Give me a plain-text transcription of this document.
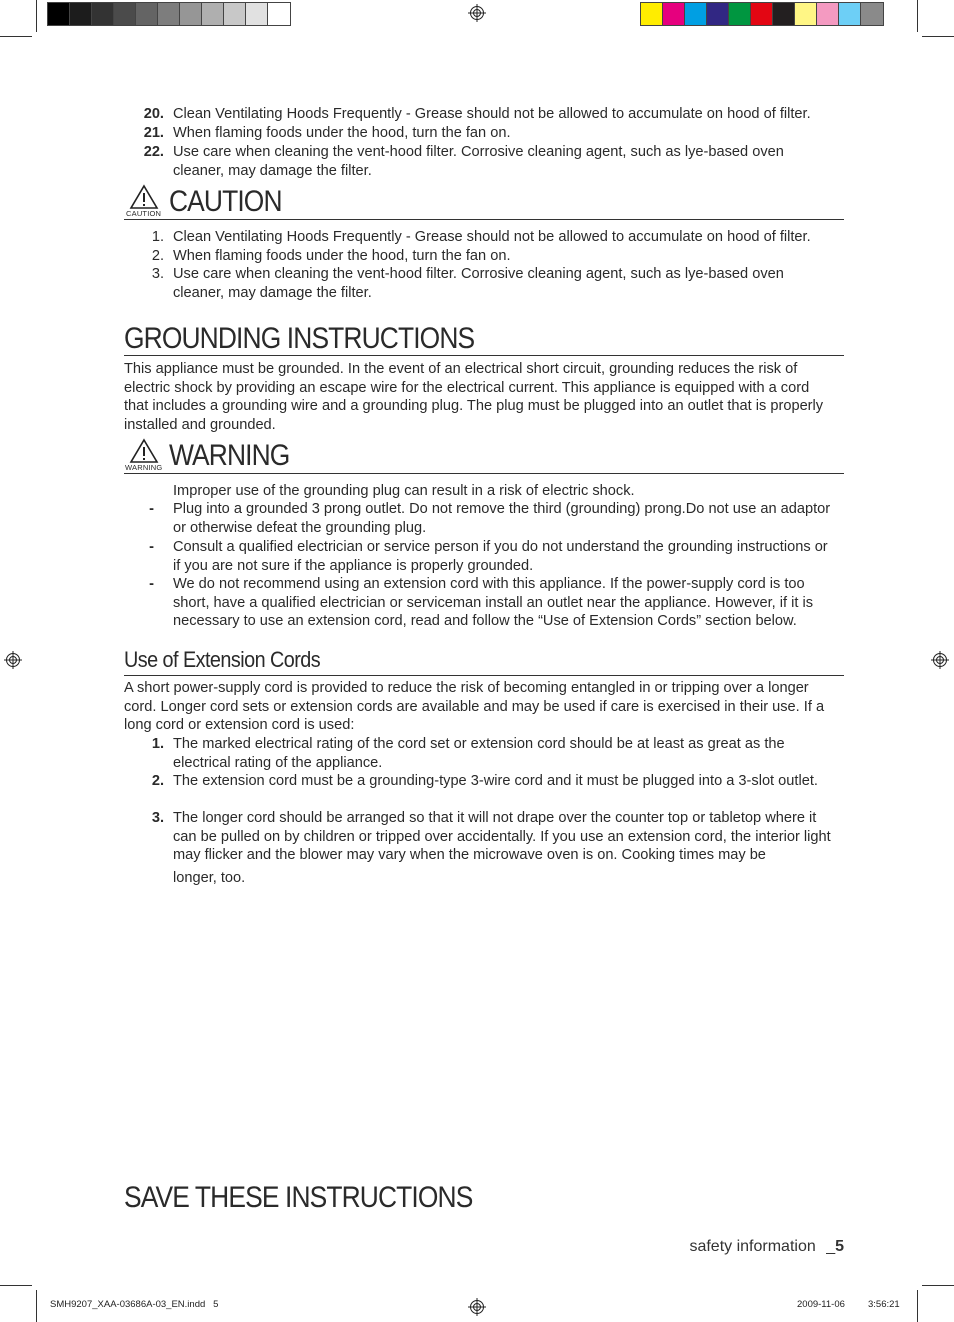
20. Clean Ventilating Hoods Frequently - Grease should not be allowed to accumulate on hood of filter.
21. When flaming foods under the hood, turn the fan on.
22. Use care when cleaning the vent-hood filter. Corrosive cleaning agent, such as lye-based oven cleaner, may damage the filter.
CAUTION CAUTION
1. Clean Ventilating Hoods Frequently - Grease should not be allowed to accumulate on hood of filter.
2. When flaming foods under the hood, turn the fan on.
3. Use care when cleaning the vent-hood filter. Corrosive cleaning agent, such as lye-based oven cleaner, may damage the filter.
GROUNDING INSTRUCTIONS
This appliance must be grounded. In the event of an electrical short circuit, grounding reduces the risk of electric shock by providing an escape wire for the electrical current. This appliance is equipped with a cord that includes a grounding wire and a grounding plug. The plug must be plugged into an outlet that is properly installed and grounded.
WARNING WARNING
Improper use of the grounding plug can result in a risk of electric shock.
- Plug into a grounded 3 prong outlet. Do not remove the third (grounding) prong.Do not use an adaptor or otherwise defeat the grounding plug.
- Consult a qualified electrician or service person if you do not understand the grounding instructions or if you are not sure if the appliance is properly grounded.
- We do not recommend using an extension cord with this appliance. If the power-supply cord is too short, have a qualified electrician or serviceman install an outlet near the appliance. However, if it is necessary to use an extension cord, read and follow the “Use of Extension Cords” section below.
Use of Extension Cords
A short power-supply cord is provided to reduce the risk of becoming entangled in or tripping over a longer cord. Longer cord sets or extension cords are available and may be used if care is exercised in their use. If a long cord or extension cord is used:
1. The marked electrical rating of the cord set or extension cord should be at least as great as the electrical rating of the appliance.
2. The extension cord must be a grounding-type 3-wire cord and it must be plugged into a 3-slot outlet.
3. The longer cord should be arranged so that it will not drape over the counter top or tabletop where it can be pulled on by children or tripped over accidentally. If you use an extension cord, the interior light may flicker and the blower may vary when the microwave oven is on. Cooking times may be
longer, too.
SAVE THESE INSTRUCTIONS
safety information _5
SMH9207_XAA-03686A-03_EN.indd   5	2009-11-06 3:56:21
